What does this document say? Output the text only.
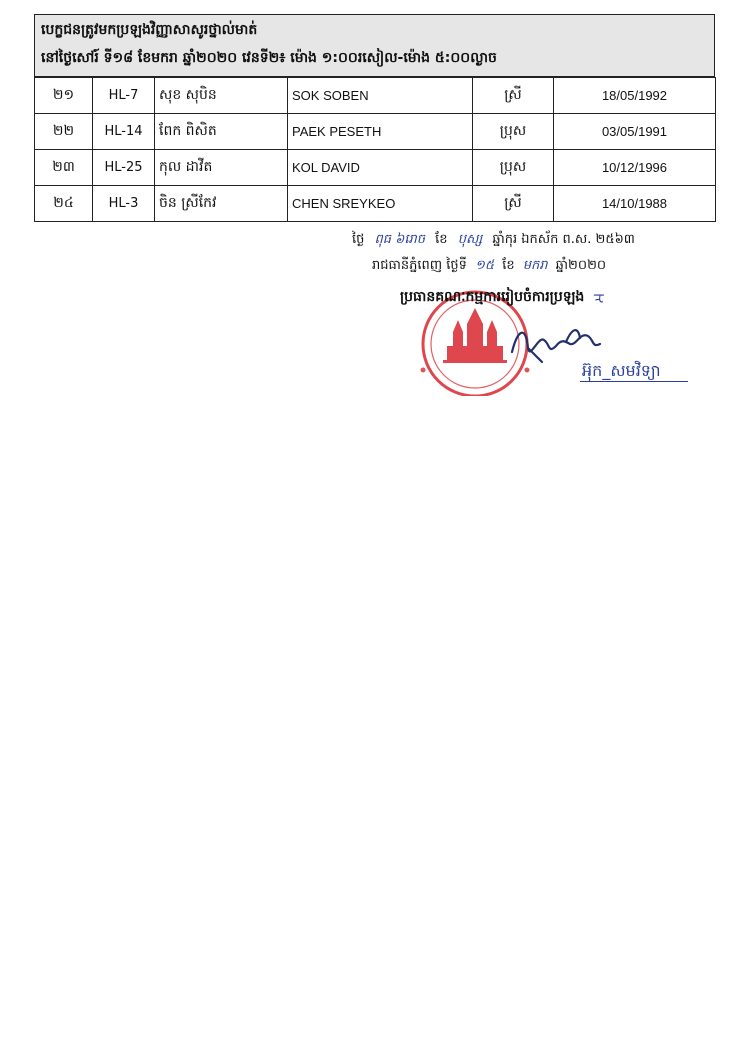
បេក្ខជនត្រូវមកប្រឡងវិញ្ញាសាសូរថ្នាល់មាត់
នៅថ្ងៃសៅរ៍ ទី១៨ ខែមករា ឆ្នាំ២០២០ វេនទី២៖ ម៉ោង ១:០០រសៀល-ម៉ោង ៥:០០ល្ងាច
២១	HL-7	សុខ សុបិន	SOK SOBEN	ស្រី	18/05/1992
២២	HL-14	ពែក ពិសិត	PAEK PESETH	ប្រុស	03/05/1991
២៣	HL-25	កុល ដាវីត	KOL DAVID	ប្រុស	10/12/1996
២៤	HL-3	ចិន ស្រីកែវ	CHEN SREYKEO	ស្រី	14/10/1988
ថ្ងៃ ពុធ ៦រោច ខែ បុស្ស ឆ្នាំកុរ ឯកស័ក ព.ស. ២៥៦៣
រាជធានីភ្នំពេញ ថ្ងៃទី ១៥ ខែ មករា ឆ្នាំ២០២០
ប្រធានគណៈកម្មការរៀបចំការប្រឡង ᠽ
អ៊ុក_សមវិទ្យា
